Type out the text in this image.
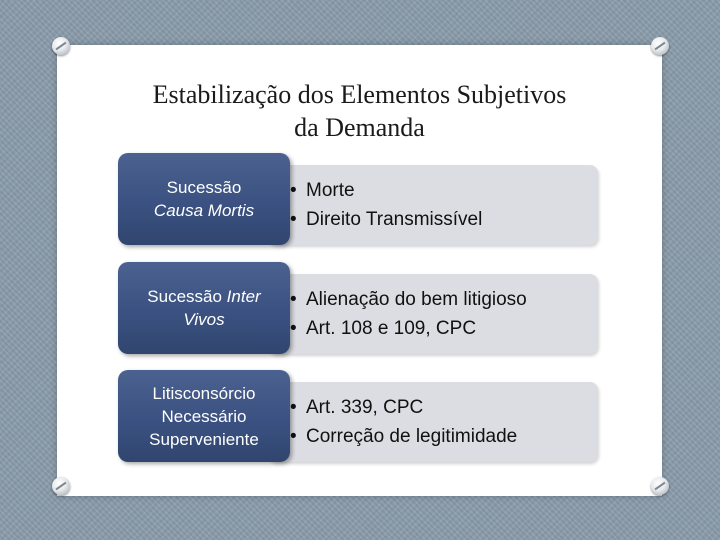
Estabilização dos Elementos Subjetivos
da Demanda
• Morte
• Direito Transmissível
Sucessão
Causa Mortis
• Alienação do bem litigioso
• Art. 108 e 109, CPC
Sucessão Inter
Vivos
• Art. 339, CPC
• Correção de legitimidade
Litisconsórcio
Necessário
Superveniente
